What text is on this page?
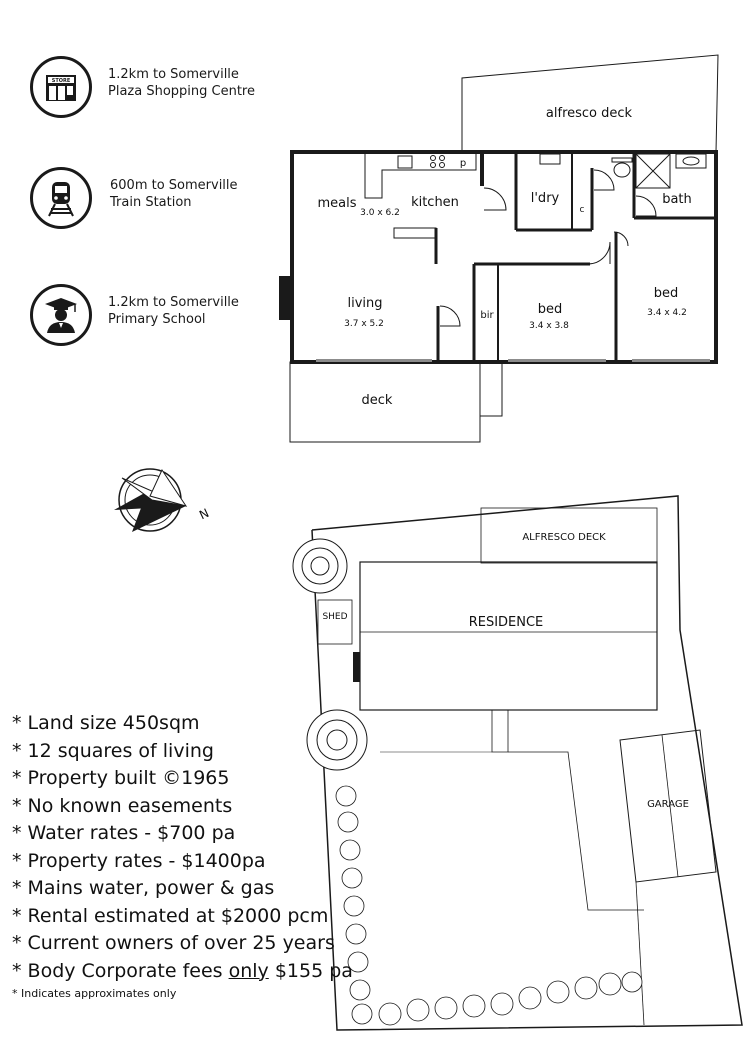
STORE	1.2km to Somerville
Plaza Shopping Centre
600m to Somerville
Train Station
1.2km to Somerville
Primary School
alfresco deck
meals
3.0 x 6.2
kitchen
p
l'dry
c
bath
living
3.7 x 5.2
bir	bed
3.4 x 3.8
bed
3.4 x 4.2
deck
N
ALFRESCO DECK
SHED	RESIDENCE
GARAGE
* Land size 450sqm
* 12 squares of living
* Property built ©1965
* No known easements
* Water rates - $700 pa
* Property rates - $1400pa
* Mains water, power & gas
* Rental estimated at $2000 pcm
* Current owners of over 25 years
* Body Corporate fees only $155 pa
* Indicates approximates only
